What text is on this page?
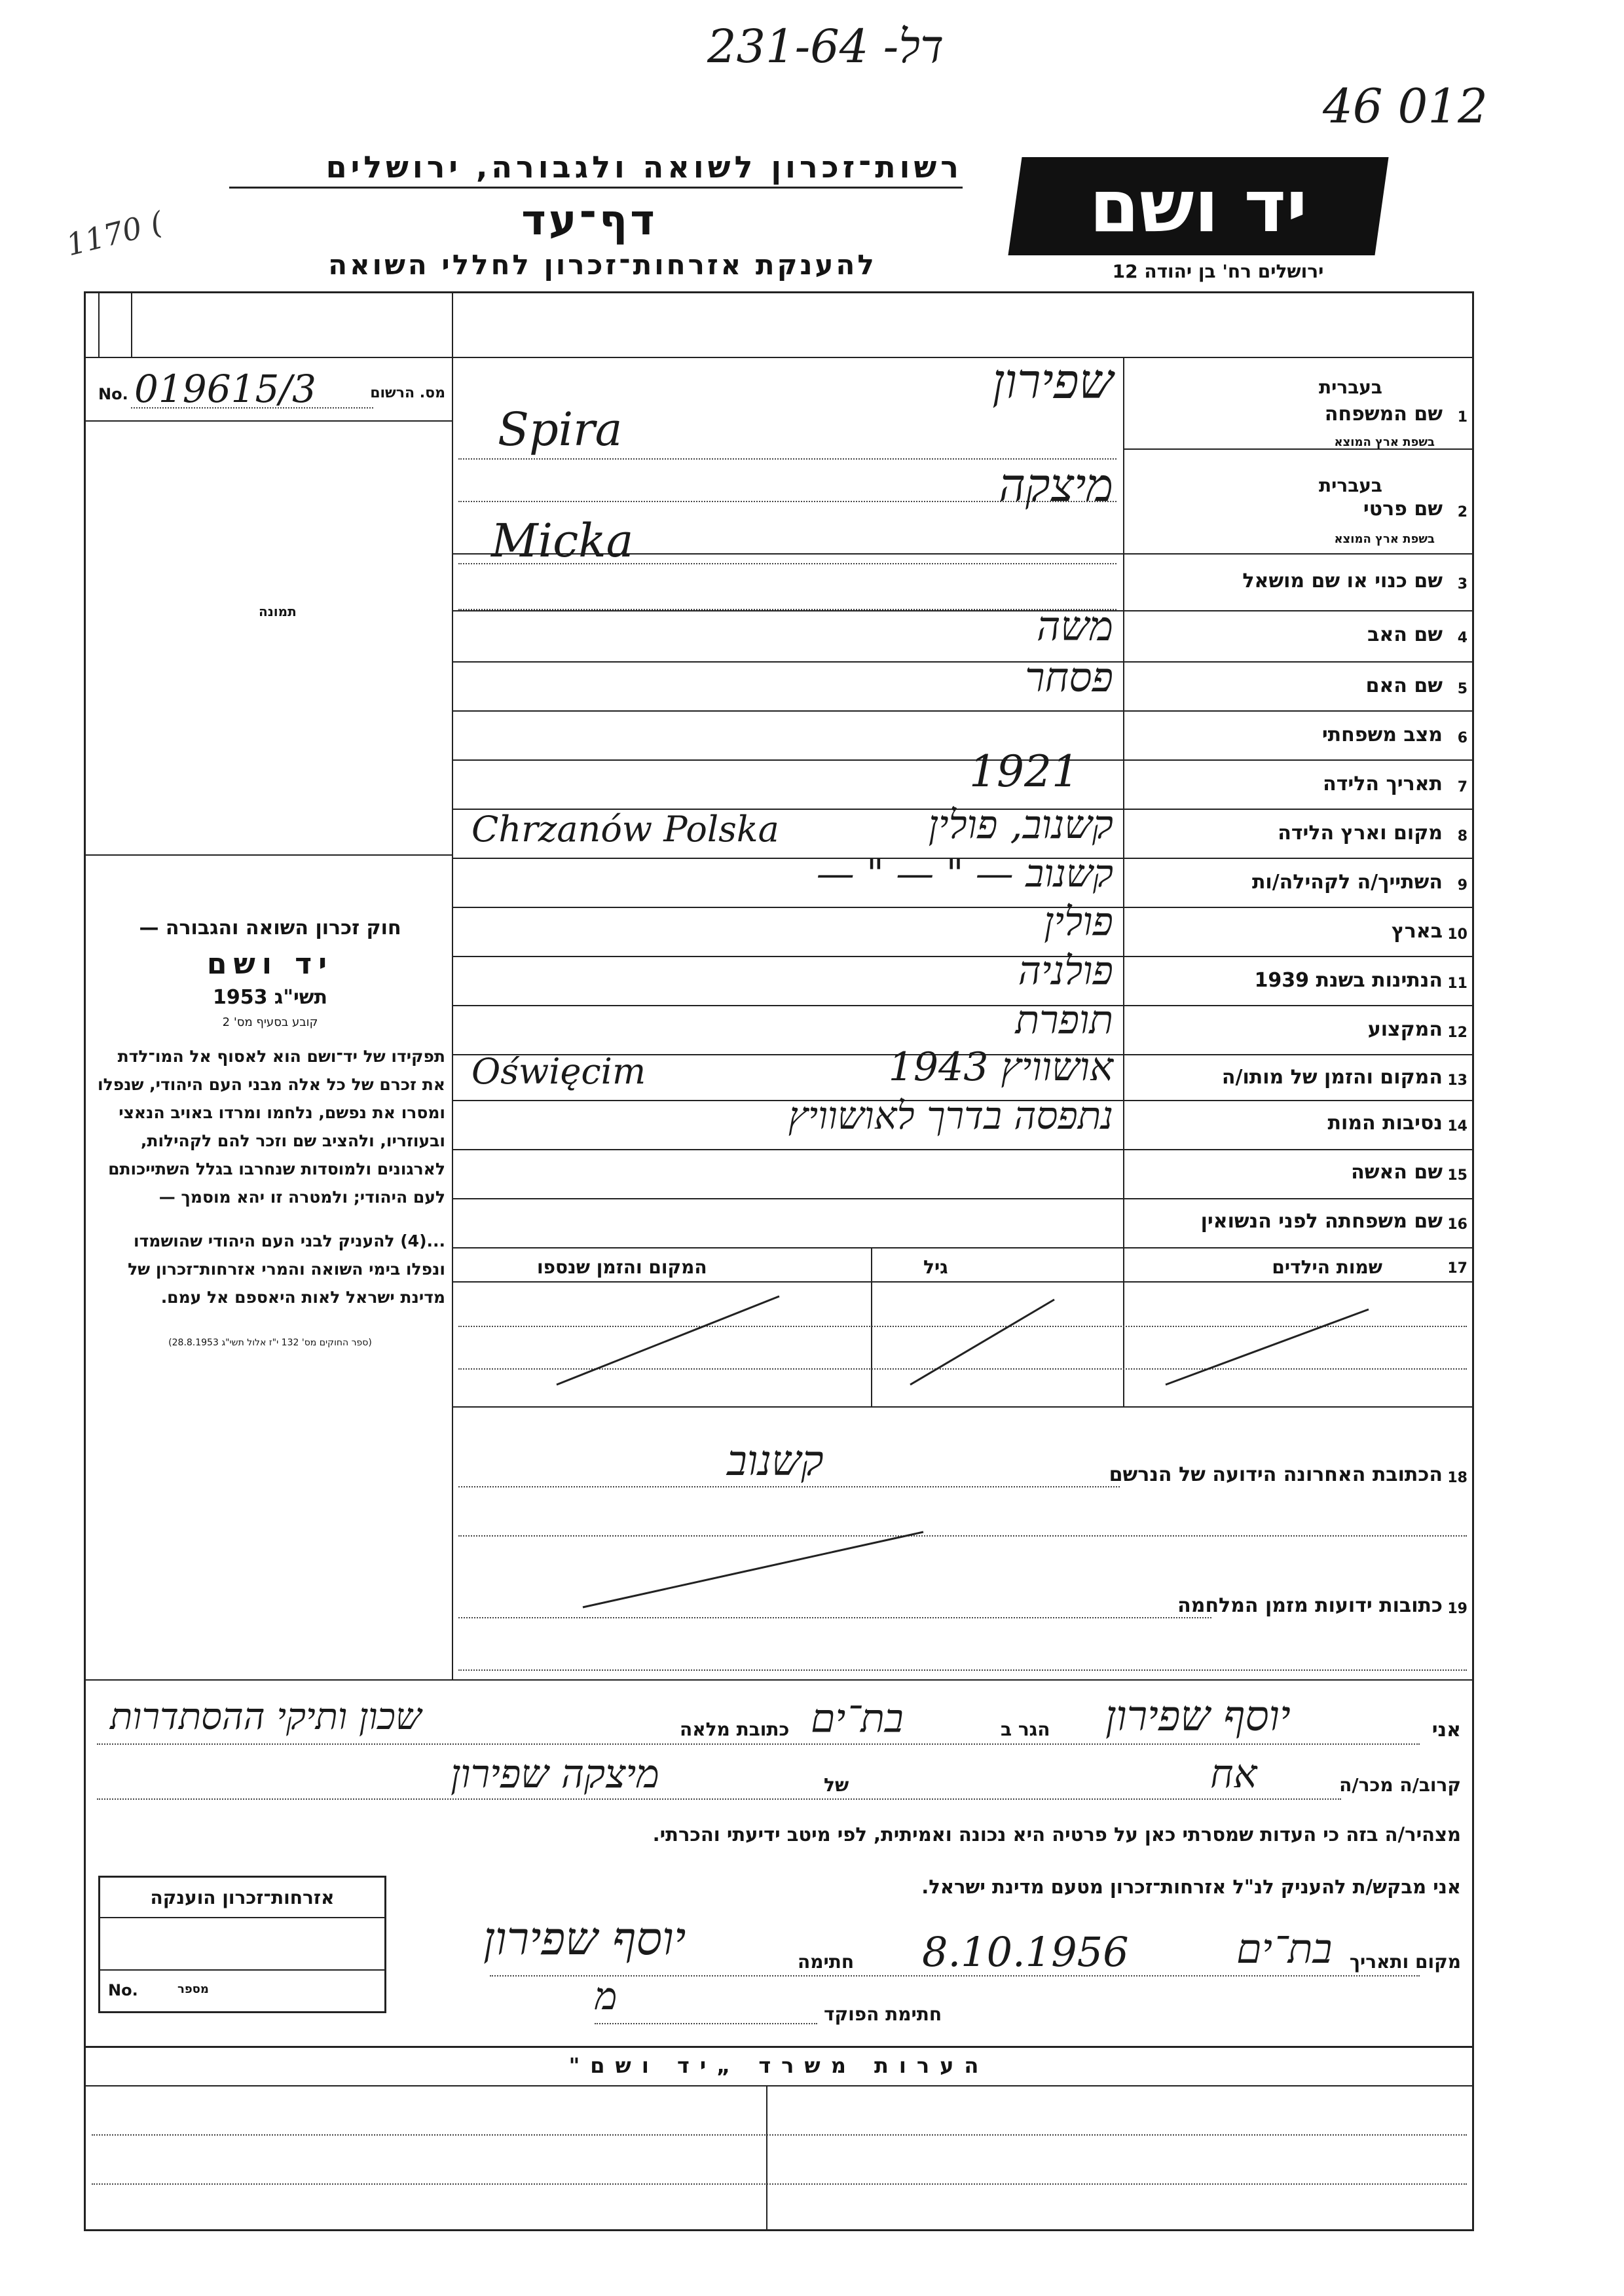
231-64 -דל
46 012
1170 (
רשות־זכרון לשואה ולגבורה, ירושלים
דף־עד
להענקת אזרחות־זכרון לחללי השואה
יד ושם
ירושלים רח' בן יהודה 12
No. 019615/3	מס. הרשום
תמונה

חוק זכרון השואה והגבורה —

יד ושם

תשי"ג 1953

קובע בסעיף מס' 2

תפקידו של יד־ושם הוא לאסוף אל המו־לדת את זכרם של כל אלה מבני העם היהודי, שנפלו ומסרו את נפשם, נלחמו ומרדו באויב הנאצי ובעוזריו, ולהציב שם וזכר להם לקהילות, לארגונים ולמוסדות שנחרבו בגלל השתייכותם לעם היהודי; ולמטרה זו יהא מוסמך —

...(4) להעניק לבני העם היהודי שהושמדו ונפלו בימי השואה והמרי אזרחות־זכרון של מדינת ישראל לאות היאספם אל עמם.

(ספר החוקים מס' 132 י"ז אלול תשי"ג 28.8.1953)

1
שם המשפחה
בעברית
בשפת ארץ המוצא
שפירון
Spira
2
שם פרטי
בעברית
בשפת ארץ המוצא
מיצקה
Micka
3
שם כנוי או שם מושאל
4
שם האב
משה
5
שם האם
פסחר
6
מצב משפחתי
7
תאריך הלידה
1921
8
מקום וארץ הלידה
קשנוב, פולין
Chrzanów Polska
9
השתייך/ה לקהילה/ות
קשנוב — " — " —
10
בארץ
פולין
11
הנתינות בשנת 1939
פולניה
12
המקצוע
תופרת
13
המקום והזמן של מותו/ה
אושוויץ 1943
Oświęcim
14
נסיבות המות
נתפסה בדרך לאושוויץ
15
שם האשה
16
שם משפחתה לפני הנשואין
17
שמות הילדים
גיל
המקום והזמן שנספו
18
הכתובת האחרונה הידועה של הנרשם
קשנוב
19
כתובות ידועות מזמן המלחמה
אני
יוסף שפירון
הגר ב
בת־ים
כתובת מלאה
שכון ותיקי ההסתדרות
קרוב/ה מכר/ה
אח
של
מיצקה שפירון
מצהיר/ה בזה כי העדות שמסרתי כאן על פרטיה היא נכונה ואמיתית, לפי מיטב ידיעתי והכרתי.
אני מבקש/ת להעניק לנ"ל אזרחות־זכרון מטעם מדינת ישראל.
מקום ותאריך
בת־ים
8.10.1956
חתימה
יוסף שפירון
חתימת הפוקד
מ
אזרחות־זכרון הוענקה
No.	מספר
הערות משרד „יד ושם"
